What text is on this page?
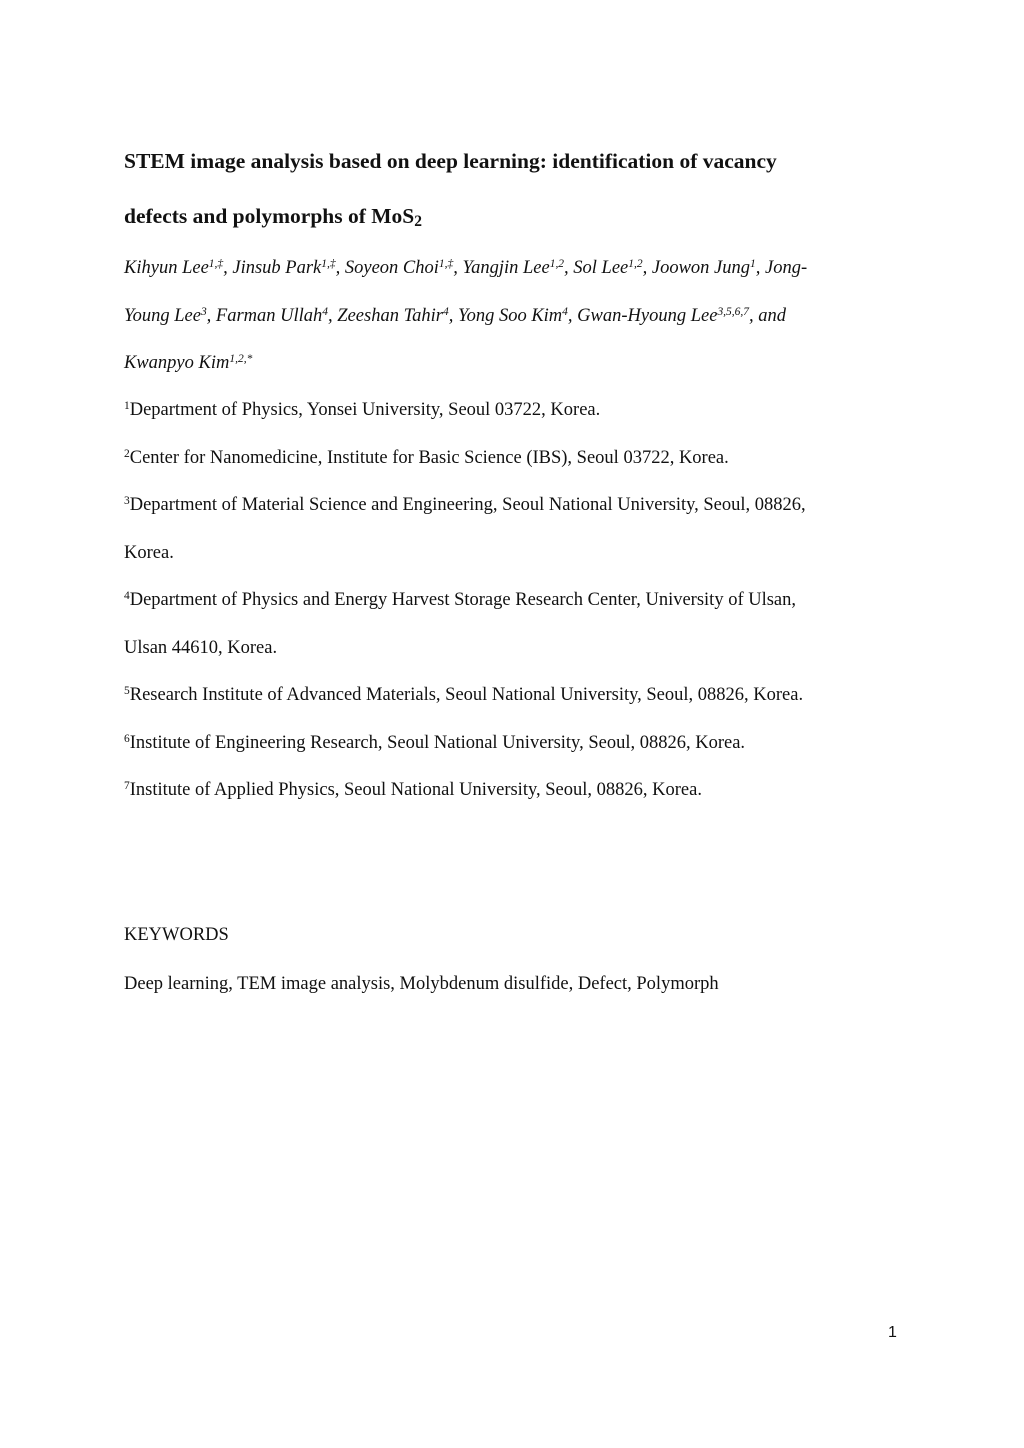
STEM image analysis based on deep learning: identification of vacancy
defects and polymorphs of MoS2
Kihyun Lee$^{1,\ddagger}$, Jinsub Park$^{1,\ddagger}$, Soyeon Choi$^{1,\ddagger}$, Yangjin Lee$^{1,2}$, Sol Lee$^{1,2}$, Joowon Jung$^1$, Jong-
Young Lee$^3$, Farman Ullah$^4$, Zeeshan Tahir$^4$, Yong Soo Kim$^4$, Gwan-Hyoung Lee$^{3,5,6,7}$, and
Kwanpyo Kim$^{1,2,*}$
$^1$Department of Physics, Yonsei University, Seoul 03722, Korea.
$^2$Center for Nanomedicine, Institute for Basic Science (IBS), Seoul 03722, Korea.
$^3$Department of Material Science and Engineering, Seoul National University, Seoul, 08826,
Korea.
$^4$Department of Physics and Energy Harvest Storage Research Center, University of Ulsan,
Ulsan 44610, Korea.
$^5$Research Institute of Advanced Materials, Seoul National University, Seoul, 08826, Korea.
$^6$Institute of Engineering Research, Seoul National University, Seoul, 08826, Korea.
$^7$Institute of Applied Physics, Seoul National University, Seoul, 08826, Korea.
KEYWORDS
Deep learning, TEM image analysis, Molybdenum disulfide, Defect, Polymorph
1
